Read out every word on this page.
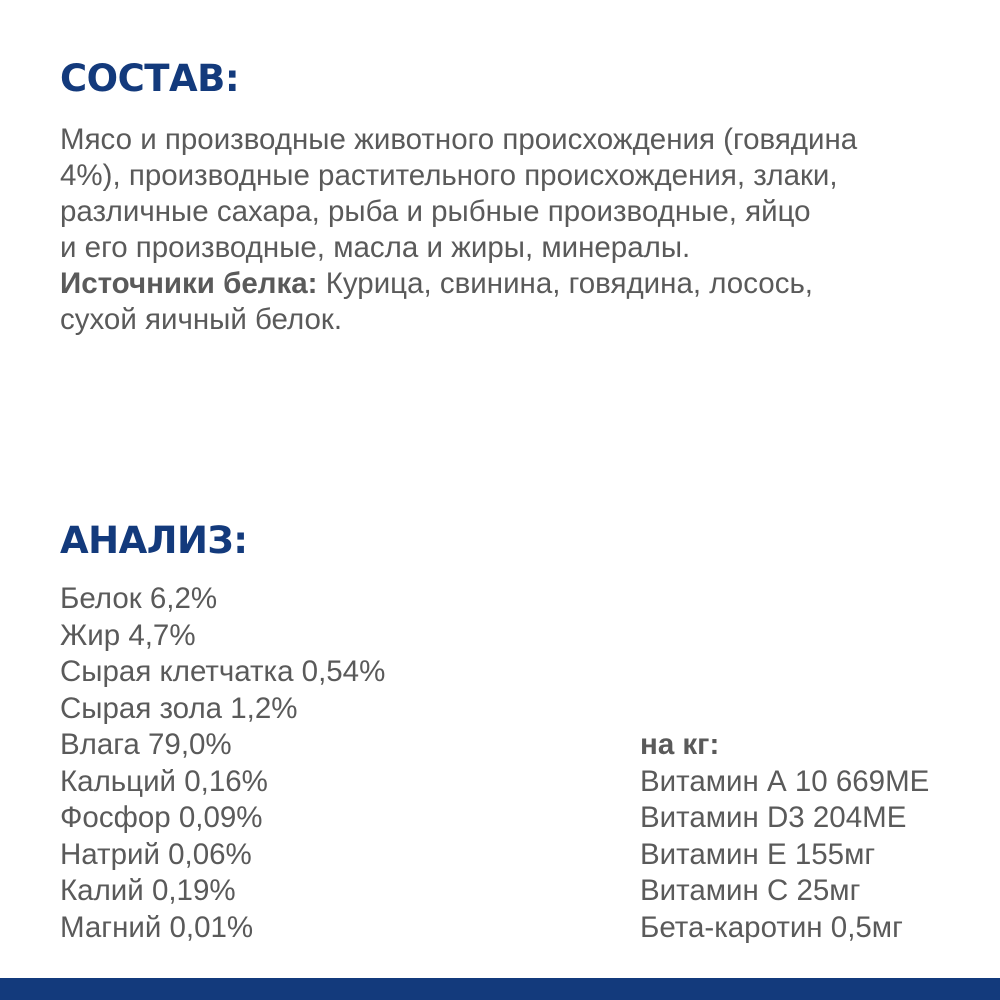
СОСТАВ:

Мясо и производные животного происхождения (говядина
4%), производные растительного происхождения, злаки,
различные сахара, рыба и рыбные производные, яйцо
и его производные, масла и жиры, минералы.
Источники белка: Курица, свинина, говядина, лосось,
сухой яичный белок.

АНАЛИЗ:
Белок 6,2%
Жир 4,7%
Сырая клетчатка 0,54%
Сырая зола 1,2%
Влага 79,0%
Кальций 0,16%
Фосфор 0,09%
Натрий 0,06%
Калий 0,19%
Магний 0,01%
на кг:
Витамин А 10 669МЕ
Витамин D3 204МЕ
Витамин Е 155мг
Витамин С 25мг
Бета-каротин 0,5мг
